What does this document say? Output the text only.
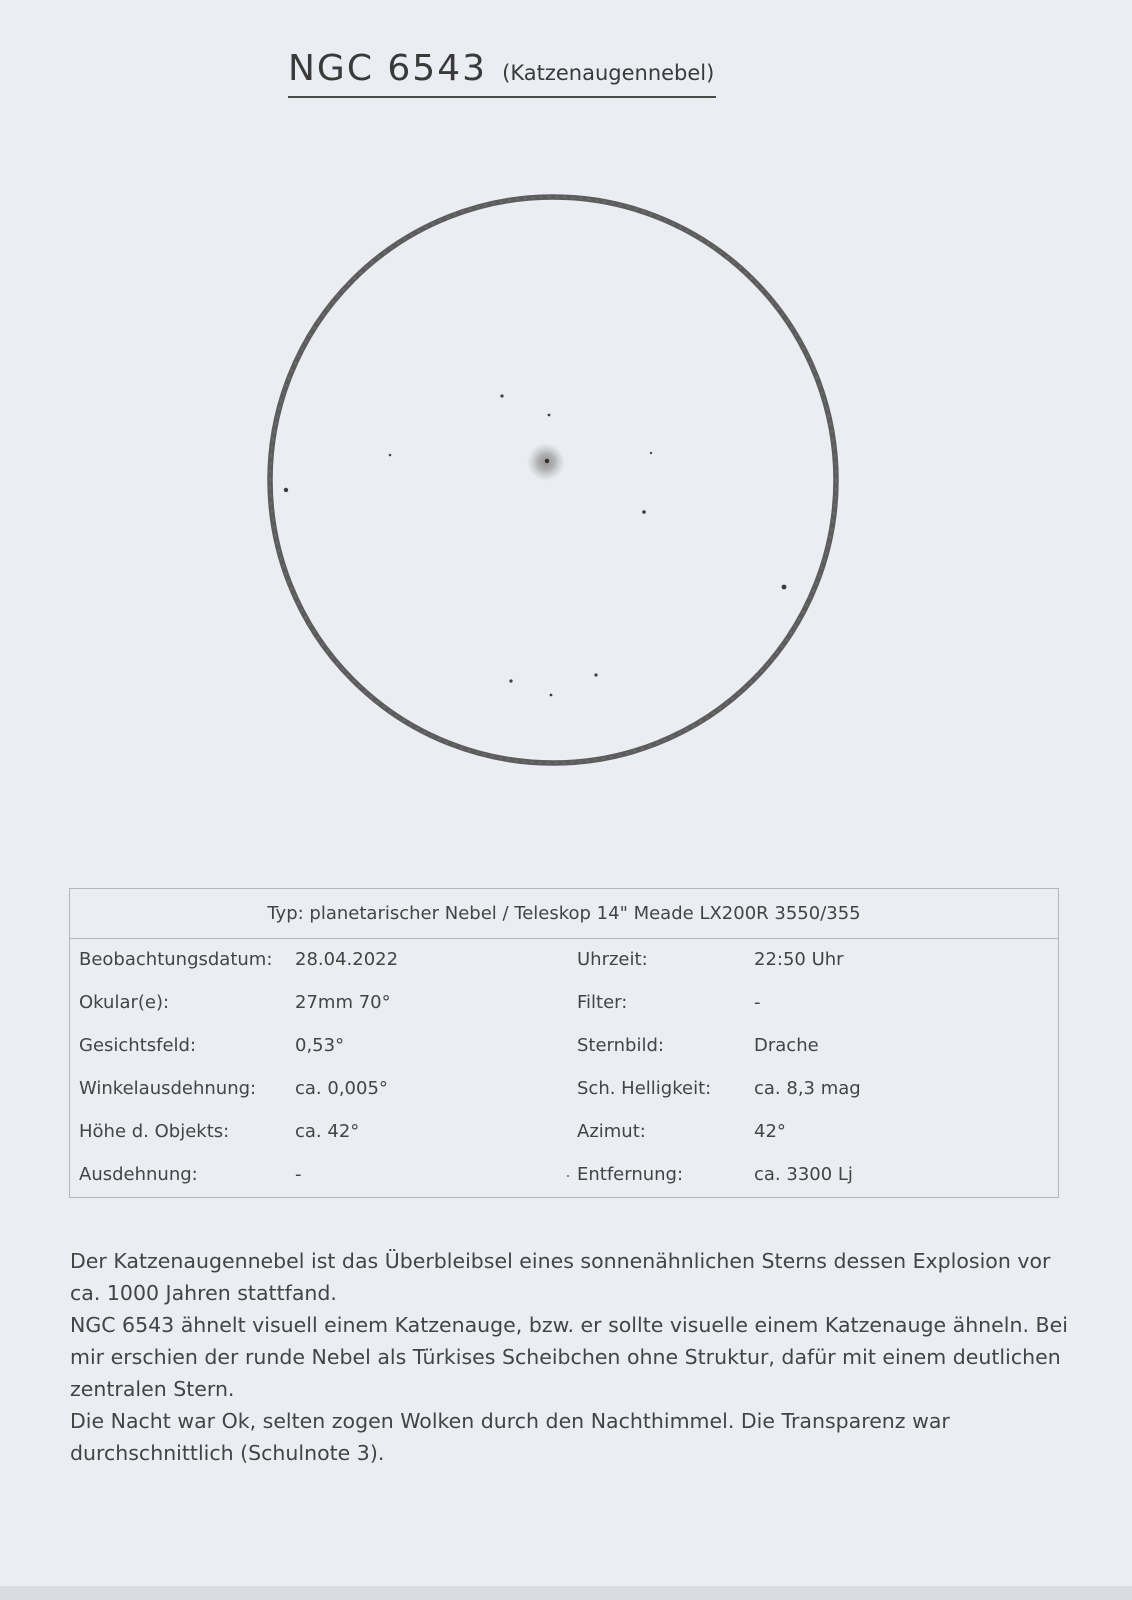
NGC 6543 (Katzenaugennebel)
Typ: planetarischer Nebel / Teleskop 14" Meade LX200R 3550/355
Beobachtungsdatum: 28.04.2022	Uhrzeit:	22:50 Uhr
Okular(e):	27mm 70°	Filter:	-
Gesichtsfeld:	0,53°	Sternbild:	Drache
Winkelausdehnung: ca. 0,005°	Sch. Helligkeit: ca. 8,3 mag
Höhe d. Objekts:	ca. 42°	Azimut:	42°
Ausdehnung:	-	Entfernung:	ca. 3300 Lj

Der Katzenaugennebel ist das Überbleibsel eines sonnenähnlichen Sterns dessen Explosion vor ca. 1000 Jahren stattfand.

NGC 6543 ähnelt visuell einem Katzenauge, bzw. er sollte visuelle einem Katzenauge ähneln. Bei mir erschien der runde Nebel als Türkises Scheibchen ohne Struktur, dafür mit einem deutlichen zentralen Stern.

Die Nacht war Ok, selten zogen Wolken durch den Nachthimmel. Die Transparenz war durchschnittlich (Schulnote 3).
